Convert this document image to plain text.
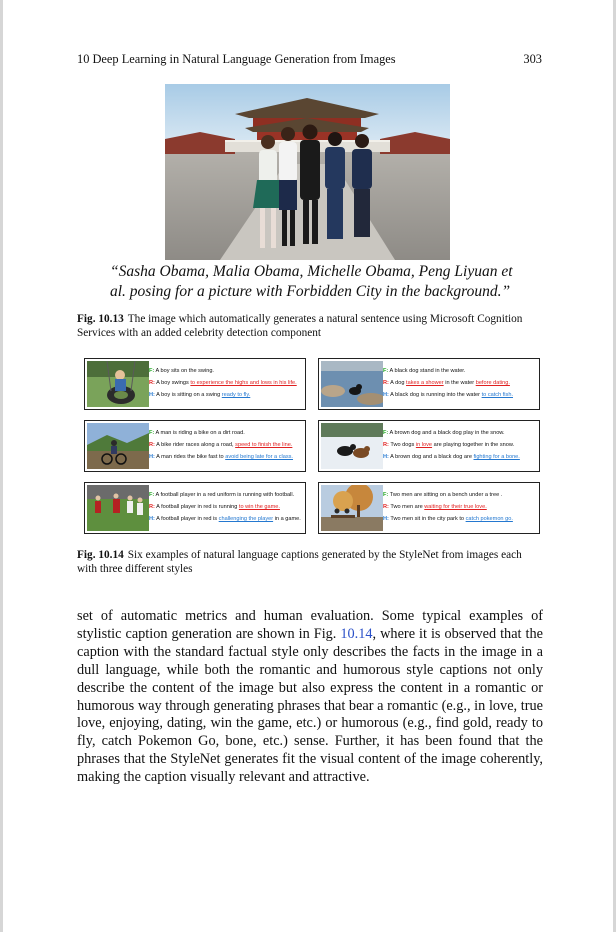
10 Deep Learning in Natural Language Generation from Images	303
“Sasha Obama, Malia Obama, Michelle Obama, Peng Liyuan et
al. posing for a picture with Forbidden City in the background.”
Fig. 10.13 The image which automatically generates a natural sentence using Microsoft Cognition Services with an added celebrity detection component
F: A boy sits on the swing.
R: A boy swings to experience the highs and lows in his life.
H: A boy is sitting on a swing ready to fly.
F: A black dog stand in the water.
R: A dog takes a shower in the water before dating.
H: A black dog is running into the water to catch fish.
F: A man is riding a bike on a dirt road.
R: A bike rider races along a road, speed to finish the line.
H: A man rides the bike fast to avoid being late for a class.
F: A brown dog and a black dog play in the snow.
R: Two dogs in love are playing together in the snow.
H: A brown dog and a black dog are fighting for a bone.
F: A football player in a red uniform is running with football.
R: A football player in red is running to win the game.
H: A football player in red is challenging the player in a game.
F: Two men are sitting on a bench under a tree .
R: Two men are waiting for their true love.
H: Two men sit in the city park to catch pokemon go.
Fig. 10.14 Six examples of natural language captions generated by the StyleNet from images each with three different styles
set of automatic metrics and human evaluation. Some typical examples of stylistic caption generation are shown in Fig. 10.14, where it is observed that the caption with the standard factual style only describes the facts in the image in a dull language, while both the romantic and humorous style captions not only describe the content of the image but also express the content in a romantic or humorous way through generating phrases that bear a romantic (e.g., in love, true love, enjoying, dating, win the game, etc.) or humorous (e.g., find gold, ready to fly, catch Pokemon Go, bone, etc.) sense. Further, it has been found that the phrases that the StyleNet generates fit the visual content of the image coherently, making the caption visually relevant and attractive.
